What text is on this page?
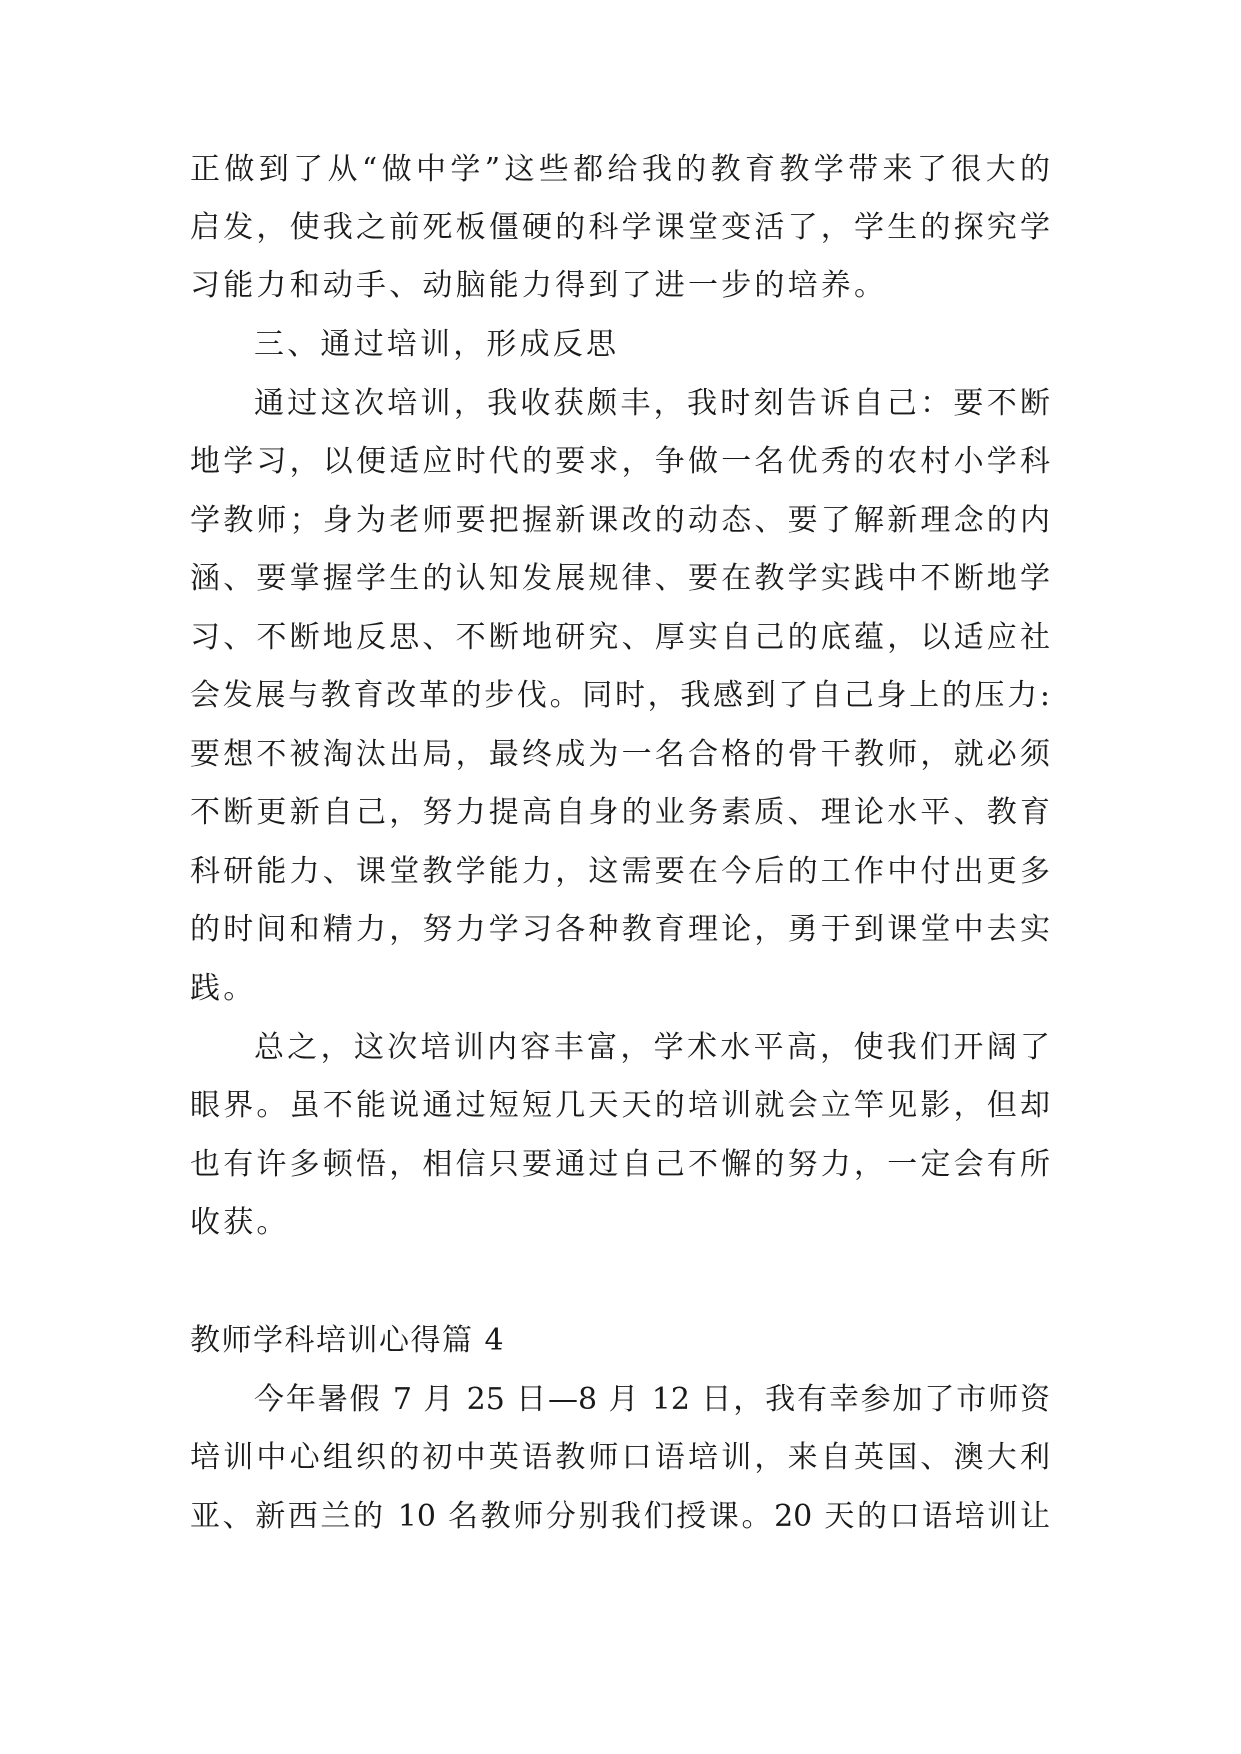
正做到了从“做中学”这些都给我的教育教学带来了很大的
启发，使我之前死板僵硬的科学课堂变活了，学生的探究学
习能力和动手、动脑能力得到了进一步的培养。
三、通过培训，形成反思
通过这次培训，我收获颇丰，我时刻告诉自己：要不断
地学习，以便适应时代的要求，争做一名优秀的农村小学科
学教师；身为老师要把握新课改的动态、要了解新理念的内
涵、要掌握学生的认知发展规律、要在教学实践中不断地学
习、不断地反思、不断地研究、厚实自己的底蕴，以适应社
会发展与教育改革的步伐。同时，我感到了自己身上的压力:
要想不被淘汰出局，最终成为一名合格的骨干教师，就必须
不断更新自己，努力提高自身的业务素质、理论水平、教育
科研能力、课堂教学能力，这需要在今后的工作中付出更多
的时间和精力，努力学习各种教育理论，勇于到课堂中去实
践。
总之，这次培训内容丰富，学术水平高，使我们开阔了
眼界。虽不能说通过短短几天天的培训就会立竿见影，但却
也有许多顿悟，相信只要通过自己不懈的努力，一定会有所
收获。
教师学科培训心得篇 4
今年暑假 7 月 25 日—8 月 12 日，我有幸参加了市师资
培训中心组织的初中英语教师口语培训，来自英国、澳大利
亚、新西兰的 10 名教师分别我们授课。20 天的口语培训让
